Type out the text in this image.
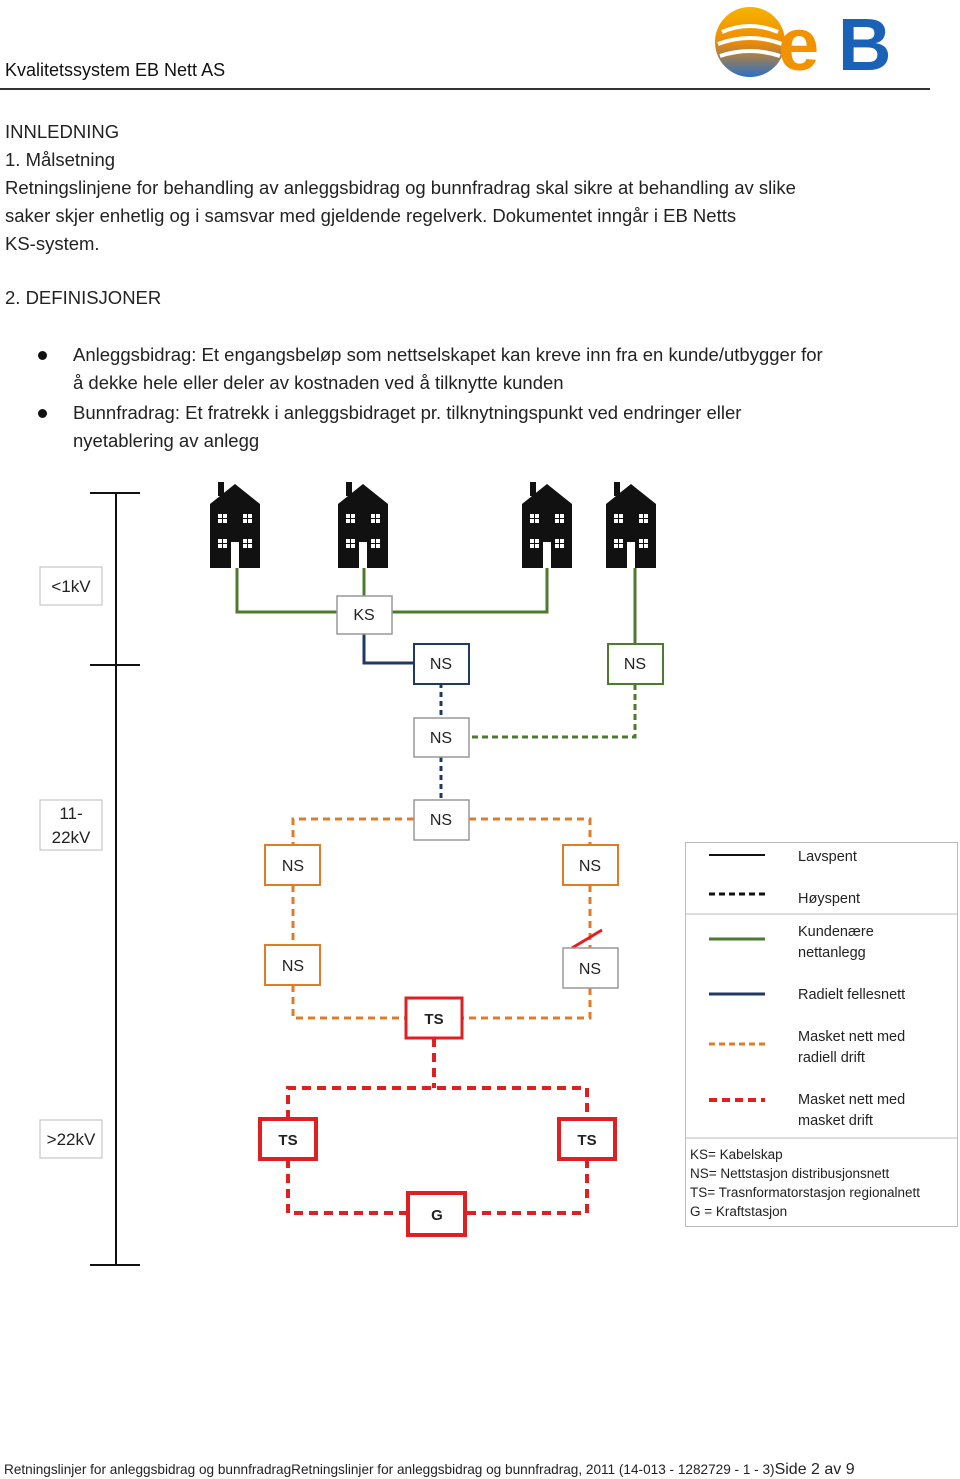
Kvalitetssystem EB Nett AS	e B
INNLEDNING
1. Målsetning
Retningslinjene for behandling av anleggsbidrag og bunnfradrag skal sikre at behandling av slike
saker skjer enhetlig og i samsvar med gjeldende regelverk. Dokumentet inngår i EB Netts
KS-system.
2. DEFINISJONER
Anleggsbidrag: Et engangsbeløp som nettselskapet kan kreve inn fra en kunde/utbygger for
å dekke hele eller deler av kostnaden ved å tilknytte kunden
Bunnfradrag: Et fratrekk i anleggsbidraget pr. tilknytningspunkt ved endringer eller
nyetablering av anlegg
<1kV
11-
22kV
>22kV
KS
NS	NS
NS
NS
NS	NS
NS	NS
TS
TS	TS
G
Lavspent
Høyspent
Kundenære
nettanlegg
Radielt fellesnett
Masket nett med
radiell drift
Masket nett med
masket drift
KS= Kabelskap
NS= Nettstasjon distribusjonsnett
TS= Trasnformatorstasjon regionalnett
G = Kraftstasjon
Retningslinjer for anleggsbidrag og bunnfradragRetningslinjer for anleggsbidrag og bunnfradrag, 2011 (14-013 - 1282729 - 1 - 3)Side 2 av 9
